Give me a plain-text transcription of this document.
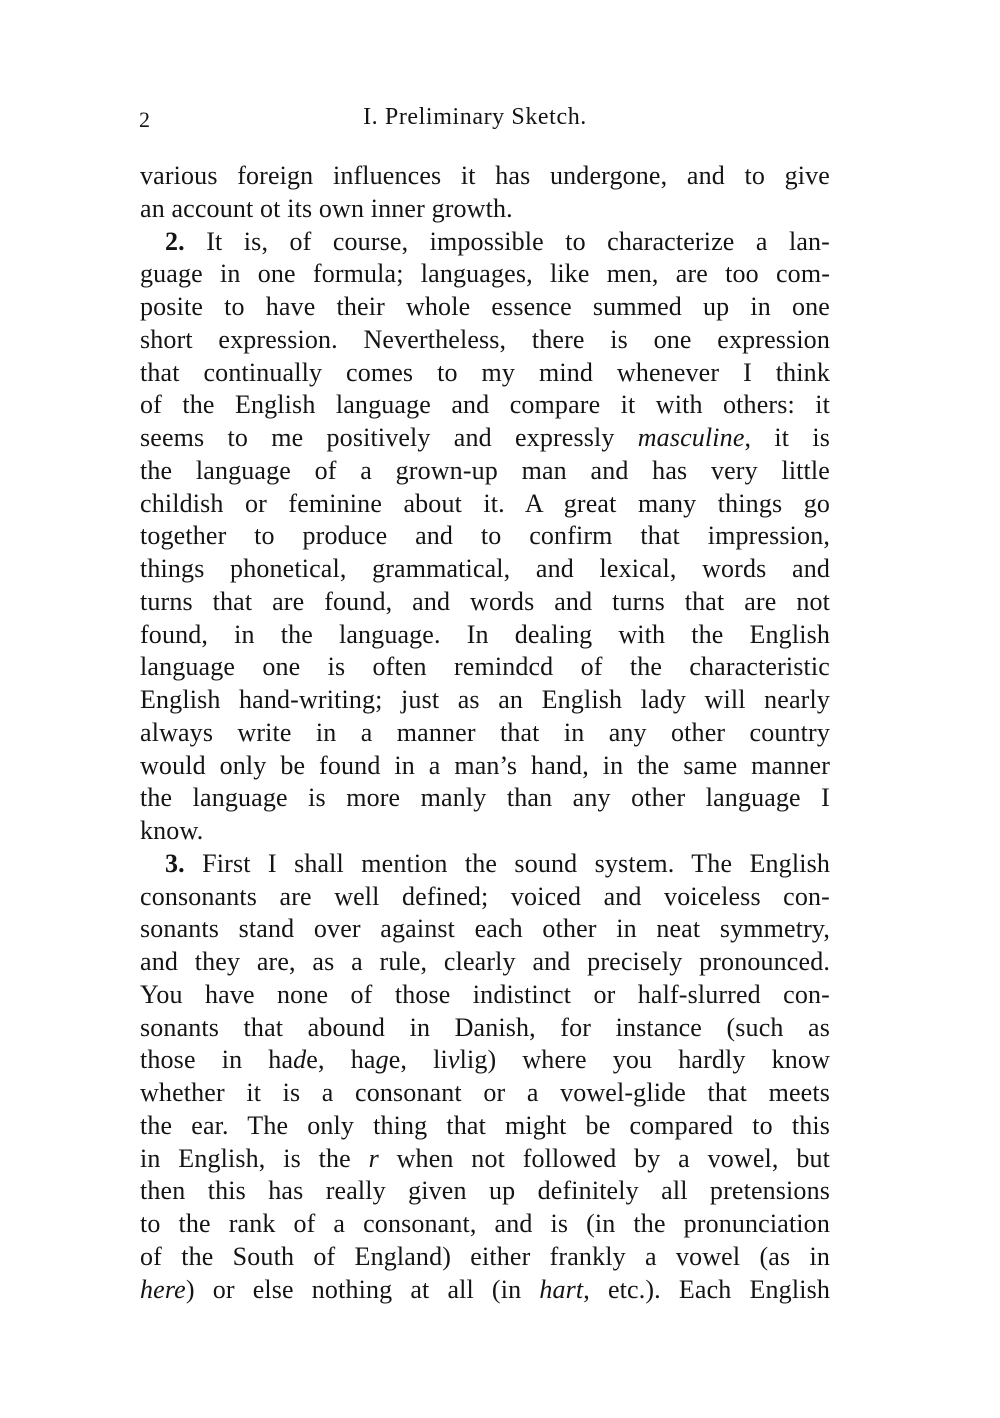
2	I. Preliminary Sketch.
various foreign influences it has undergone, and to give
an account ot its own inner growth.
2. It is, of course, impossible to characterize a lan-
guage in one formula; languages, like men, are too com-
posite to have their whole essence summed up in one
short expression. Nevertheless, there is one expression
that continually comes to my mind whenever I think
of the English language and compare it with others: it
seems to me positively and expressly masculine, it is
the language of a grown-up man and has very little
childish or feminine about it. A great many things go
together to produce and to confirm that impression,
things phonetical, grammatical, and lexical, words and
turns that are found, and words and turns that are not
found, in the language. In dealing with the English
language one is often remindcd of the characteristic
English hand-writing; just as an English lady will nearly
always write in a manner that in any other country
would only be found in a man’s hand, in the same manner
the language is more manly than any other language I
know.
3. First I shall mention the sound system. The English
consonants are well defined; voiced and voiceless con-
sonants stand over against each other in neat symmetry,
and they are, as a rule, clearly and precisely pronounced.
You have none of those indistinct or half-slurred con-
sonants that abound in Danish, for instance (such as
those in hade, hage, livlig) where you hardly know
whether it is a consonant or a vowel-glide that meets
the ear. The only thing that might be compared to this
in English, is the r when not followed by a vowel, but
then this has really given up definitely all pretensions
to the rank of a consonant, and is (in the pronunciation
of the South of England) either frankly a vowel (as in
here) or else nothing at all (in hart, etc.). Each English
